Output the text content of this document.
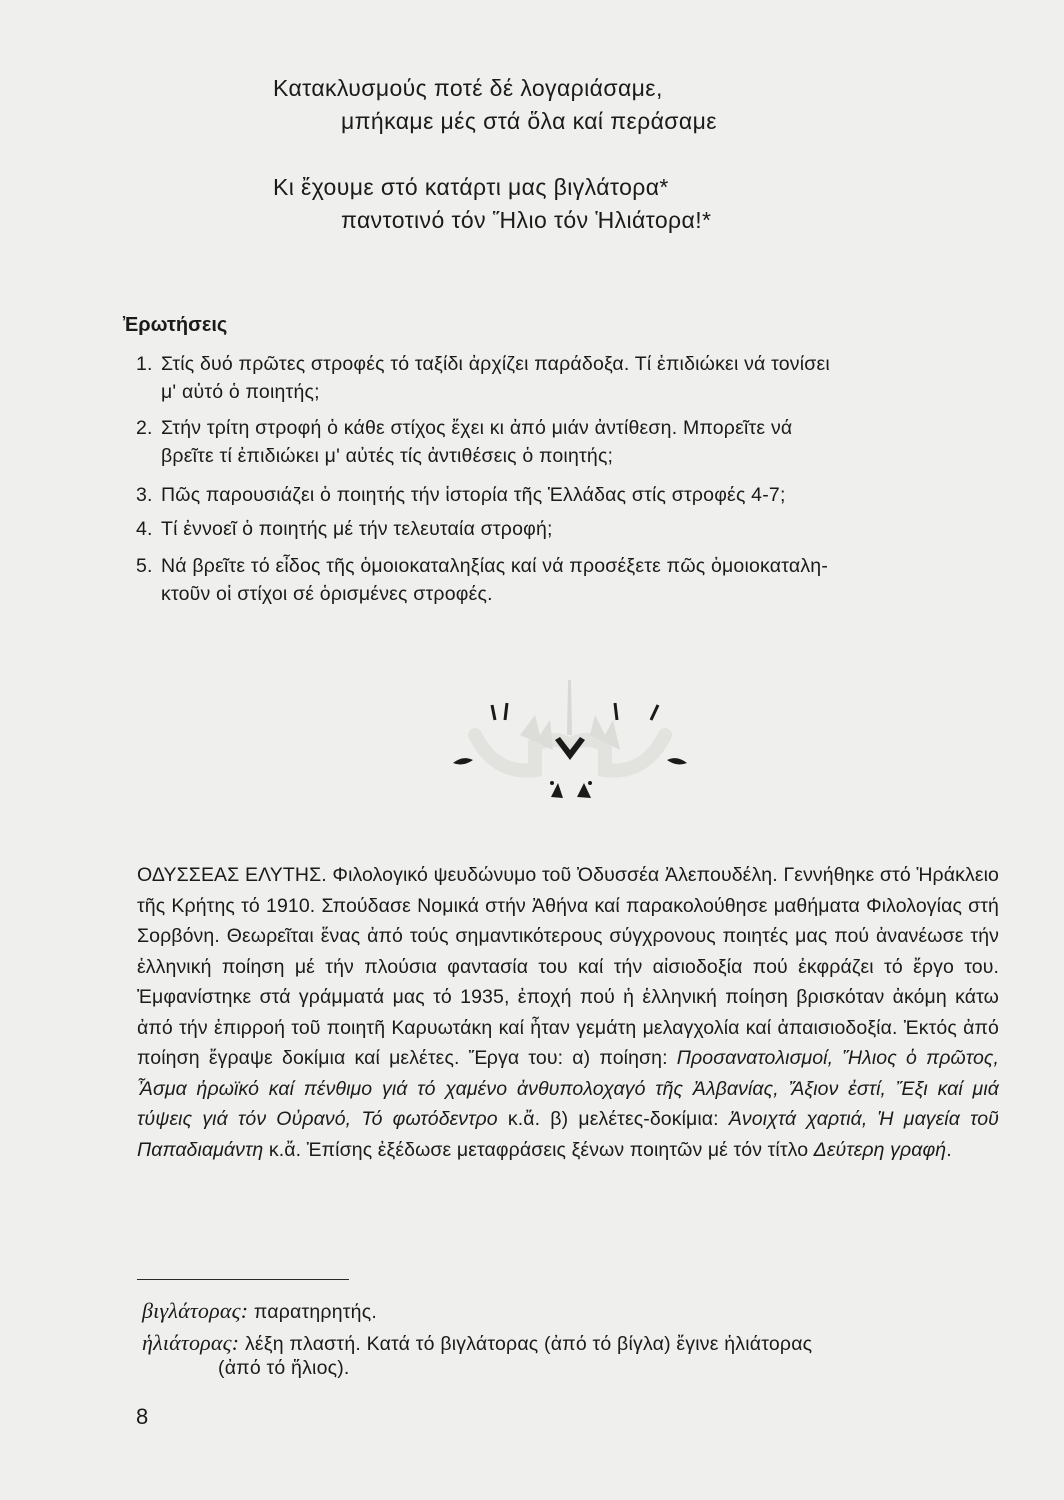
Κατακλυσμούς ποτέ δέ λογαριάσαμε,
μπήκαμε μές στά ὅλα καί περάσαμε
Κι ἔχουμε στό κατάρτι μας βιγλάτορα*
παντοτινό τόν Ἥλιο τόν Ἡλιάτορα!*
Ἐρωτήσεις
1. Στίς δυό πρῶτες στροφές τό ταξίδι ἀρχίζει παράδοξα. Τί ἐπιδιώκει νά τονίσει
μ' αὐτό ὁ ποιητής;
2. Στήν τρίτη στροφή ὁ κάθε στίχος ἔχει κι ἀπό μιάν ἀντίθεση. Μπορεῖτε νά
βρεῖτε τί ἐπιδιώκει μ' αὐτές τίς ἀντιθέσεις ὁ ποιητής;
3. Πῶς παρουσιάζει ὁ ποιητής τήν ἱστορία τῆς Ἑλλάδας στίς στροφές 4-7;
4. Τί ἐννοεῖ ὁ ποιητής μέ τήν τελευταία στροφή;
5. Νά βρεῖτε τό εἶδος τῆς ὁμοιοκαταληξίας καί νά προσέξετε πῶς ὁμοιοκαταλη-
κτοῦν οἱ στίχοι σέ ὁρισμένες στροφές.
ΟΔΥΣΣΕΑΣ ΕΛΥΤΗΣ. Φιλολογικό ψευδώνυμο τοῦ Ὀδυσσέα Ἀλεπουδέλη. Γεννήθηκε στό Ἡράκλειο τῆς Κρήτης τό 1910. Σπούδασε Νομικά στήν Ἀθήνα καί παρακολούθησε μαθήματα Φιλολογίας στή Σορβόνη. Θεωρεῖται ἕνας ἀπό τούς σημαντικότερους σύγχρονους ποιητές μας πού ἀνανέωσε τήν ἑλληνική ποίηση μέ τήν πλούσια φαντασία του καί τήν αἰσιοδοξία πού ἐκφράζει τό ἔργο του. Ἐμφανίστηκε στά γράμματά μας τό 1935, ἐποχή πού ἡ ἑλληνική ποίηση βρισκόταν ἀκόμη κάτω ἀπό τήν ἐπιρροή τοῦ ποιητῆ Καρυωτάκη καί ἦταν γεμάτη μελαγχολία καί ἀπαισιοδοξία. Ἐκτός ἀπό ποίηση ἔγραψε δοκίμια καί μελέτες. Ἔργα του: α) ποίηση: Προσανατολισμοί, Ἥλιος ὁ πρῶτος, Ἆσμα ἡρωϊκό καί πένθιμο γιά τό χαμένο ἀνθυπολοχαγό τῆς Ἀλβανίας, Ἄξιον ἐστί, Ἔξι καί μιά τύψεις γιά τόν Οὐρανό, Τό φωτόδεντρο κ.ἄ. β) μελέτες-δοκίμια: Ἀνοιχτά χαρτιά, Ἡ μαγεία τοῦ Παπαδιαμάντη κ.ἄ. Ἐπίσης ἐξέδωσε μεταφράσεις ξένων ποιητῶν μέ τόν τίτλο Δεύτερη γραφή.
βιγλάτορας: παρατηρητής.
ἡλιάτορας: λέξη πλαστή. Κατά τό βιγλάτορας (ἀπό τό βίγλα) ἔγινε ἡλιάτορας
(ἀπό τό ἥλιος).
8
